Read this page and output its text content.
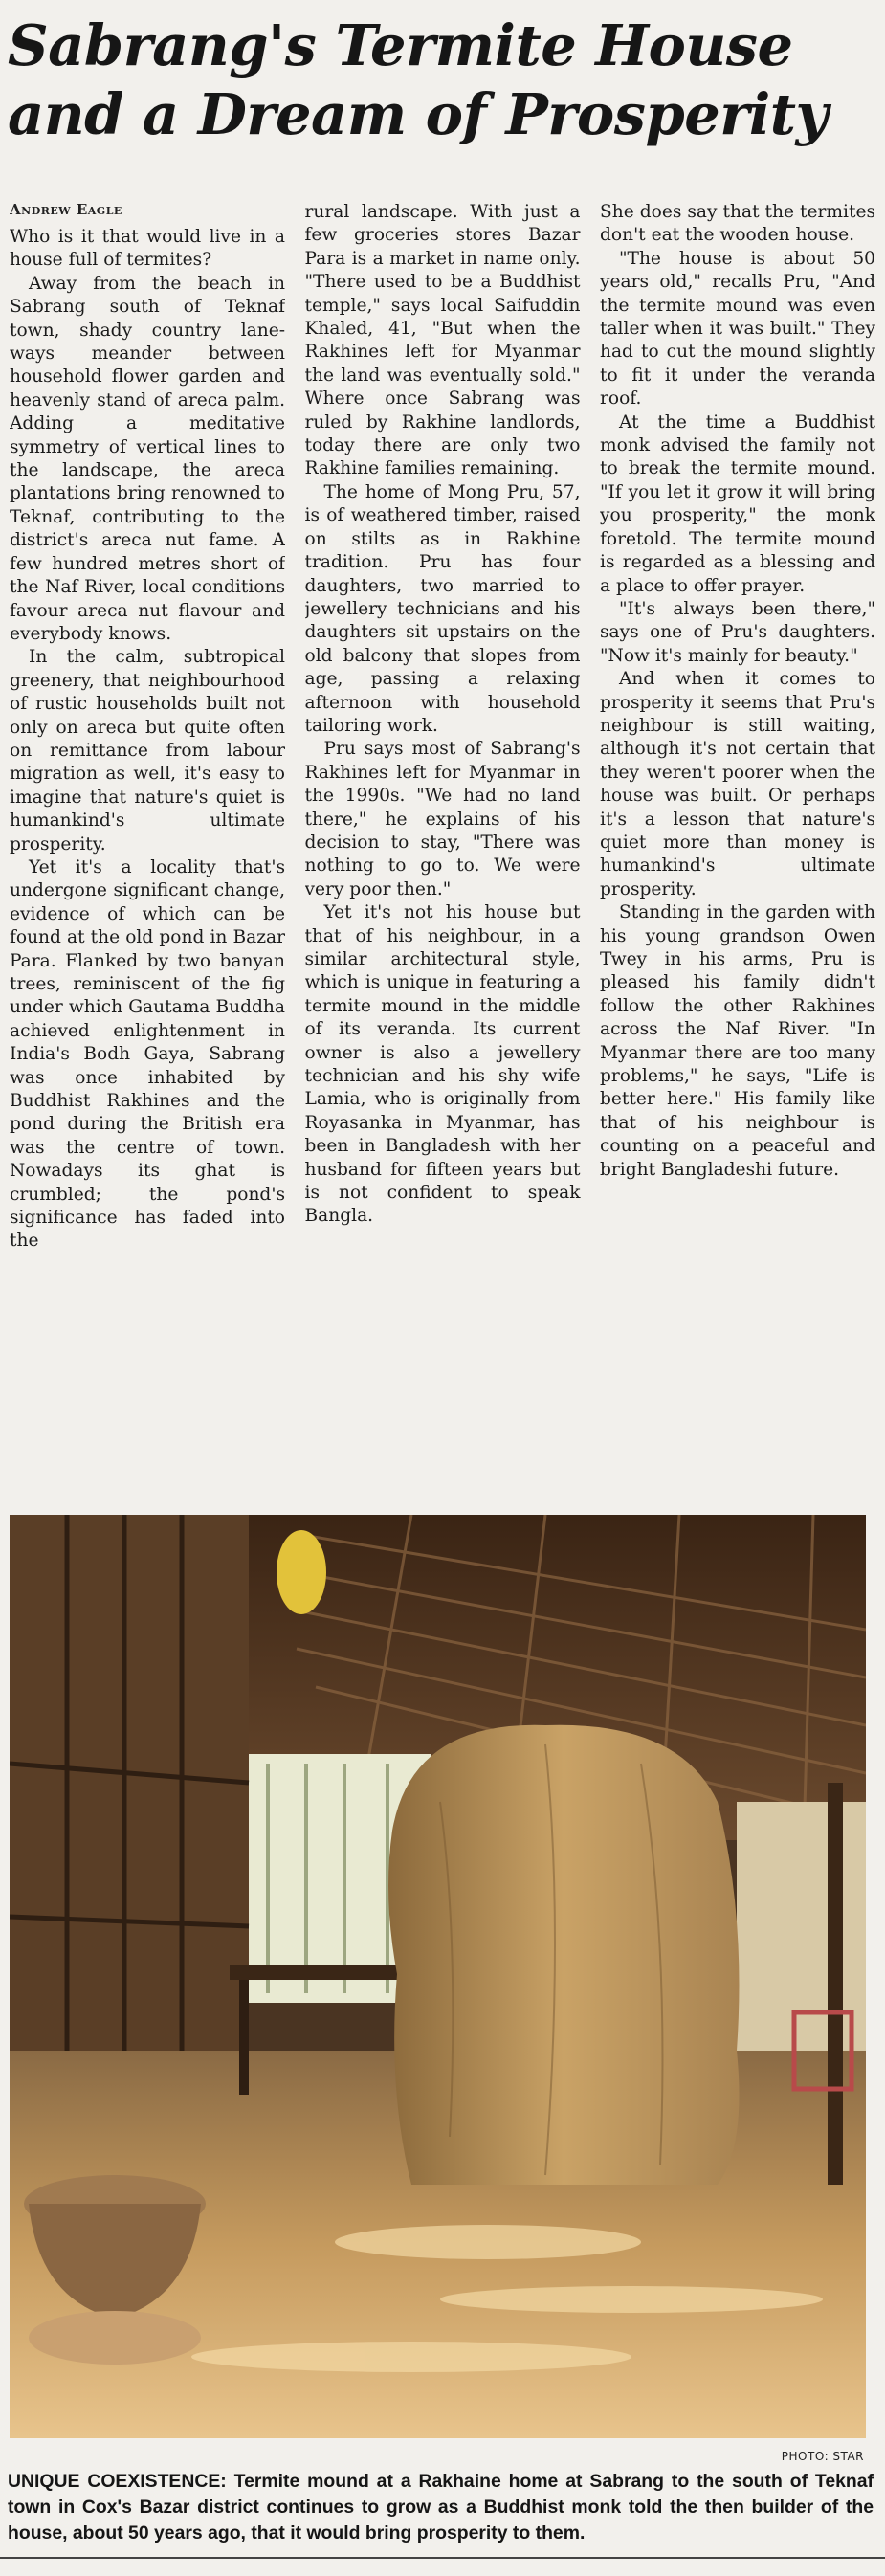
Sabrang's Termite House and a Dream of Prosperity
Andrew Eagle

Who is it that would live in a house full of termites?

Away from the beach in Sabrang south of Teknaf town, shady country lane-ways meander between household flower garden and heavenly stand of areca palm. Adding a meditative symmetry of vertical lines to the landscape, the areca plantations bring renowned to Teknaf, contributing to the district's areca nut fame. A few hundred metres short of the Naf River, local conditions favour areca nut flavour and everybody knows.

In the calm, subtropical greenery, that neighbourhood of rustic households built not only on areca but quite often on remittance from labour migration as well, it's easy to imagine that nature's quiet is humankind's ultimate prosperity.

Yet it's a locality that's undergone significant change, evidence of which can be found at the old pond in Bazar Para. Flanked by two banyan trees, reminiscent of the fig under which Gautama Buddha achieved enlightenment in India's Bodh Gaya, Sabrang was once inhabited by Buddhist Rakhines and the pond during the British era was the centre of town. Nowadays its ghat is crumbled; the pond's significance has faded into the

rural landscape. With just a few groceries stores Bazar Para is a market in name only. "There used to be a Buddhist temple," says local Saifuddin Khaled, 41, "But when the Rakhines left for Myanmar the land was eventually sold." Where once Sabrang was ruled by Rakhine landlords, today there are only two Rakhine families remaining.

The home of Mong Pru, 57, is of weathered timber, raised on stilts as in Rakhine tradition. Pru has four daughters, two married to jewellery technicians and his daughters sit upstairs on the old balcony that slopes from age, passing a relaxing afternoon with household tailoring work.

Pru says most of Sabrang's Rakhines left for Myanmar in the 1990s. "We had no land there," he explains of his decision to stay, "There was nothing to go to. We were very poor then."

Yet it's not his house but that of his neighbour, in a similar architectural style, which is unique in featuring a termite mound in the middle of its veranda. Its current owner is also a jewellery technician and his shy wife Lamia, who is originally from Royasanka in Myanmar, has been in Bangladesh with her husband for fifteen years but is not confident to speak Bangla.

She does say that the termites don't eat the wooden house.

"The house is about 50 years old," recalls Pru, "And the termite mound was even taller when it was built." They had to cut the mound slightly to fit it under the veranda roof.

At the time a Buddhist monk advised the family not to break the termite mound. "If you let it grow it will bring you prosperity," the monk foretold. The termite mound is regarded as a blessing and a place to offer prayer.

"It's always been there," says one of Pru's daughters. "Now it's mainly for beauty."

And when it comes to prosperity it seems that Pru's neighbour is still waiting, although it's not certain that they weren't poorer when the house was built. Or perhaps it's a lesson that nature's quiet more than money is humankind's ultimate prosperity.

Standing in the garden with his young grandson Owen Twey in his arms, Pru is pleased his family didn't follow the other Rakhines across the Naf River. "In Myanmar there are too many problems," he says, "Life is better here." His family like that of his neighbour is counting on a peaceful and bright Bangladeshi future.

PHOTO: STAR

UNIQUE COEXISTENCE: Termite mound at a Rakhaine home at Sabrang to the south of Teknaf town in Cox's Bazar district continues to grow as a Buddhist monk told the then builder of the house, about 50 years ago, that it would bring prosperity to them.
